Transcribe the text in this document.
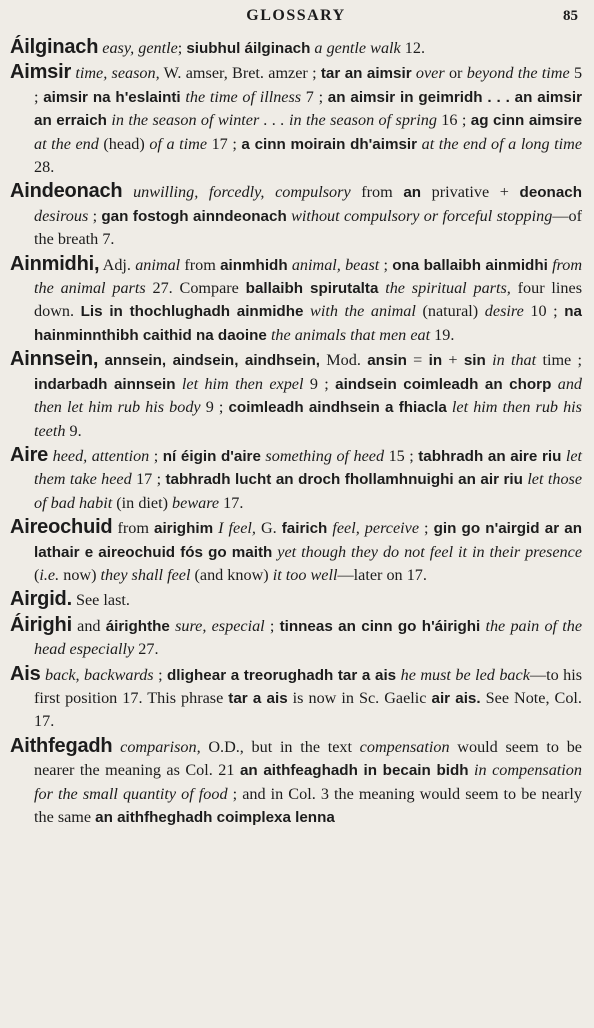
GLOSSARY	85

Áilginach easy, gentle; siubhul áilginach a gentle walk 12.

Aimsir time, season, W. amser, Bret. amzer ; tar an aimsir over or beyond the time 5 ; aimsir na h'eslainti the time of illness 7 ; an aimsir in geimridh . . . an aimsir an erraich in the season of winter . . . in the season of spring 16 ; ag cinn aimsire at the end (head) of a time 17 ; a cinn moirain dh'aimsir at the end of a long time 28.

Aindeonach unwilling, forcedly, compulsory from an privative + deonach desirous ; gan fostogh ainndeonach without compulsory or forceful stopping—of the breath 7.

Ainmidhi, Adj. animal from ainmhidh animal, beast ; ona ballaibh ainmidhi from the animal parts 27. Compare ballaibh spirutalta the spiritual parts, four lines down. Lis in thochlughadh ainmidhe with the animal (natural) desire 10 ; na hainminnthibh caithid na daoine the animals that men eat 19.

Ainnsein, annsein, aindsein, aindhsein, Mod. ansin = in + sin in that time ; indarbadh ainnsein let him then expel 9 ; aindsein coimleadh an chorp and then let him rub his body 9 ; coimleadh aindhsein a fhiacla let him then rub his teeth 9.

Aire heed, attention ; ní éigin d'aire something of heed 15 ; tabhradh an aire riu let them take heed 17 ; tabhradh lucht an droch fhollamhnuighi an air riu let those of bad habit (in diet) beware 17.

Aireochuid from airighim I feel, G. fairich feel, perceive ; gin go n'airgid ar an lathair e aireochuid fós go maith yet though they do not feel it in their presence (i.e. now) they shall feel (and know) it too well—later on 17.

Airgid. See last.

Áirighi and áirighthe sure, especial ; tinneas an cinn go h'áirighi the pain of the head especially 27.

Ais back, backwards ; dlighear a treorughadh tar a ais he must be led back—to his first position 17. This phrase tar a ais is now in Sc. Gaelic air ais. See Note, Col. 17.

Aithfegadh comparison, O.D., but in the text compensation would seem to be nearer the meaning as Col. 21 an aithfeaghadh in becain bidh in compensation for the small quantity of food ; and in Col. 3 the meaning would seem to be nearly the same an aithfheghadh coimplexa lenna
